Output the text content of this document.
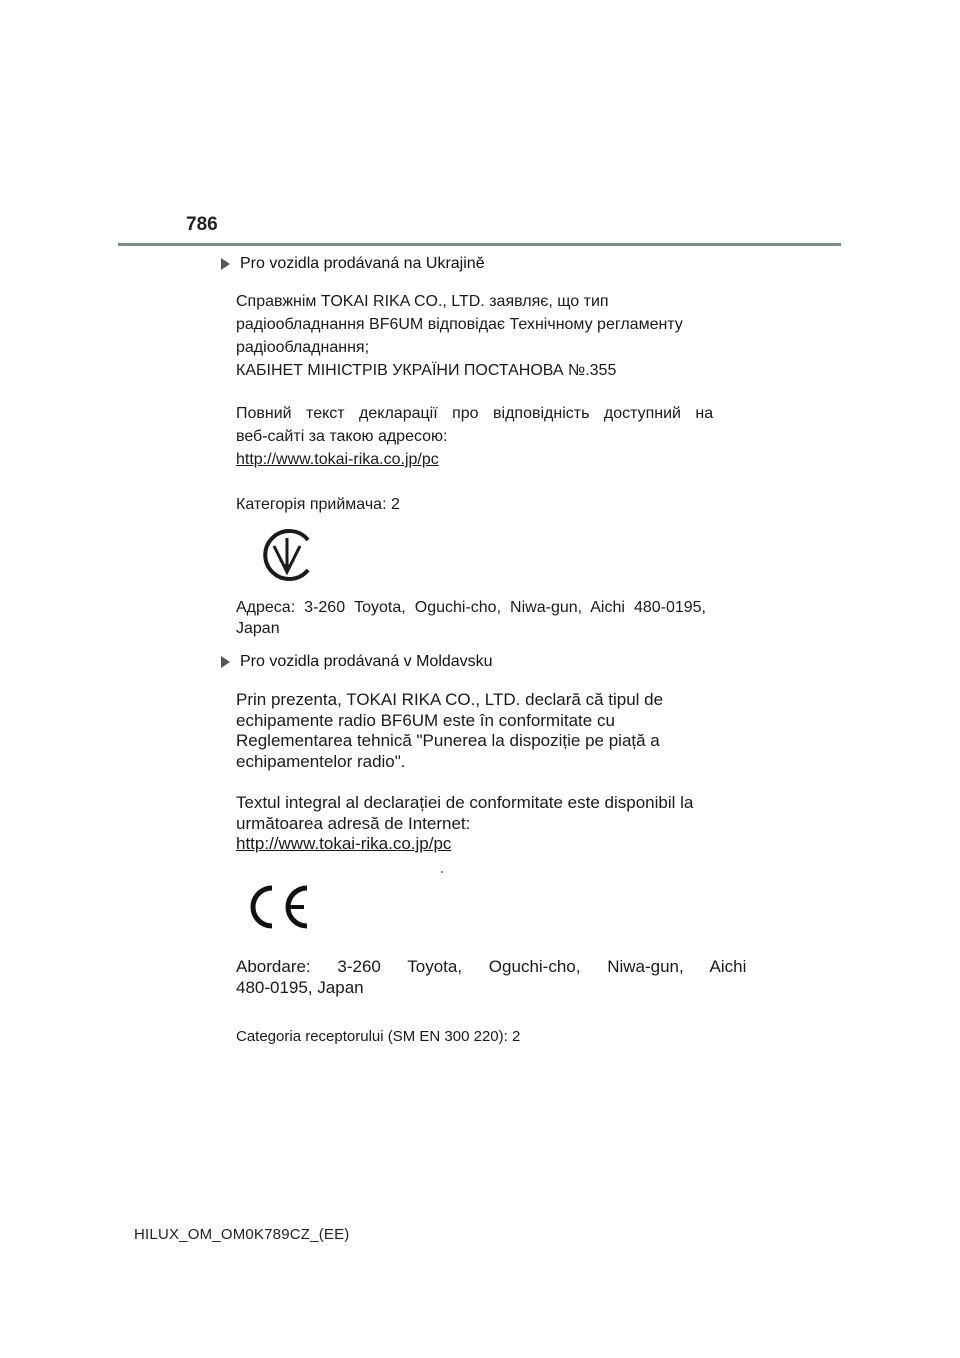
786
Pro vozidla prodávaná na Ukrajině
Справжнім TOKAI RIKA CO., LTD. заявляє, що тип
радіообладнання BF6UM відповідає Технічному регламенту
радіообладнання;
КАБІНЕТ МІНІСТРІВ УКРАЇНИ ПОСТАНОВА №.355
Повний текст декларації про відповідність доступний на
веб-сайті за такою адресою:
http://www.tokai-rika.co.jp/pc
Категорія приймача: 2
Адреса: 3-260 Toyota, Oguchi-cho, Niwa-gun, Aichi 480-0195,
Japan
Pro vozidla prodávaná v Moldavsku
Prin prezenta, TOKAI RIKA CO., LTD. declară că tipul de
echipamente radio BF6UM este în conformitate cu
Reglementarea tehnică "Punerea la dispoziție pe piață a
echipamentelor radio".
Textul integral al declarației de conformitate este disponibil la
următoarea adresă de Internet:
http://www.tokai-rika.co.jp/pc
Abordare: 3-260 Toyota, Oguchi-cho, Niwa-gun, Aichi
480-0195, Japan
Categoria receptorului (SM EN 300 220): 2
HILUX_OM_OM0K789CZ_(EE)
